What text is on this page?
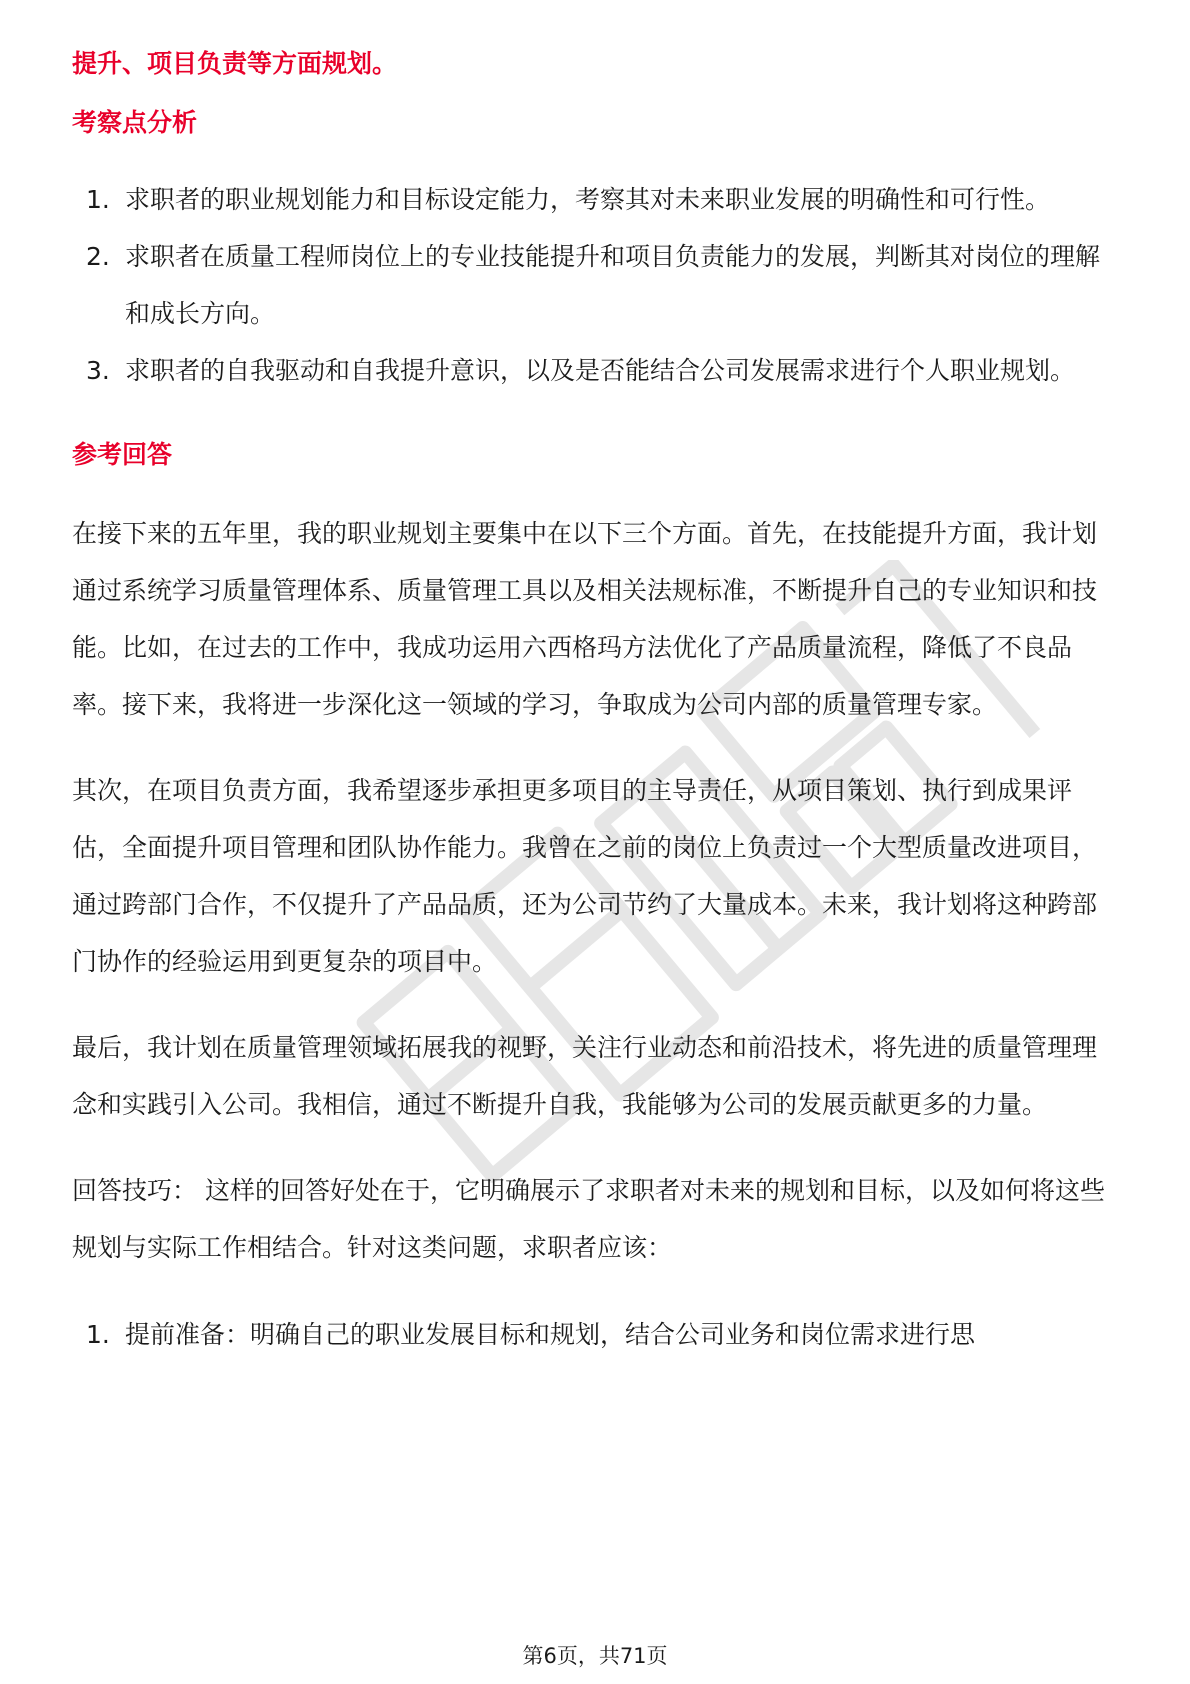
提升、项目负责等方面规划。

考察点分析

1. 求职者的职业规划能力和目标设定能力，考察其对未来职业发展的明确性和可行性。
2. 求职者在质量工程师岗位上的专业技能提升和项目负责能力的发展，判断其对岗位的理解和成长方向。
3. 求职者的自我驱动和自我提升意识，以及是否能结合公司发展需求进行个人职业规划。

参考回答

在接下来的五年里，我的职业规划主要集中在以下三个方面。首先，在技能提升方面，我计划通过系统学习质量管理体系、质量管理工具以及相关法规标准，不断提升自己的专业知识和技能。比如，在过去的工作中，我成功运用六西格玛方法优化了产品质量流程，降低了不良品率。接下来，我将进一步深化这一领域的学习，争取成为公司内部的质量管理专家。

其次，在项目负责方面，我希望逐步承担更多项目的主导责任，从项目策划、执行到成果评估，全面提升项目管理和团队协作能力。我曾在之前的岗位上负责过一个大型质量改进项目，通过跨部门合作，不仅提升了产品品质，还为公司节约了大量成本。未来，我计划将这种跨部门协作的经验运用到更复杂的项目中。

最后，我计划在质量管理领域拓展我的视野，关注行业动态和前沿技术，将先进的质量管理理念和实践引入公司。我相信，通过不断提升自我，我能够为公司的发展贡献更多的力量。

回答技巧： 这样的回答好处在于，它明确展示了求职者对未来的规划和目标，以及如何将这些规划与实际工作相结合。针对这类问题，求职者应该：

1. 提前准备：明确自己的职业发展目标和规划，结合公司业务和岗位需求进行思
第6页，共71页
